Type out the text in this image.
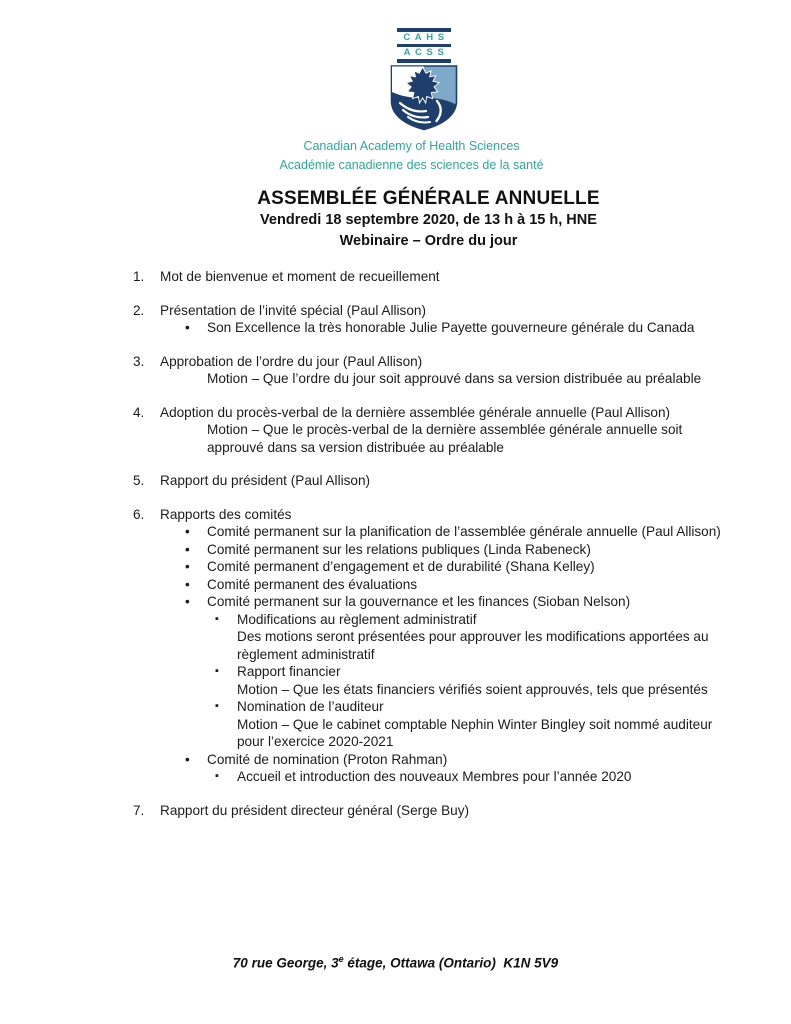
CAHS
ACSS
Canadian Academy of Health Sciences
Académie canadienne des sciences de la santé
ASSEMBLÉE GÉNÉRALE ANNUELLE
Vendredi 18 septembre 2020, de 13 h à 15 h, HNE
Webinaire – Ordre du jour
1.	Mot de bienvenue et moment de recueillement
2.	Présentation de l’invité spécial (Paul Allison)
• Son Excellence la très honorable Julie Payette gouverneure générale du Canada
3.	Approbation de l’ordre du jour (Paul Allison)
Motion – Que l’ordre du jour soit approuvé dans sa version distribuée au préalable
4.	Adoption du procès-verbal de la dernière assemblée générale annuelle (Paul Allison)
Motion – Que le procès-verbal de la dernière assemblée générale annuelle soit approuvé dans sa version distribuée au préalable
5.	Rapport du président (Paul Allison)
6.	Rapports des comités
• Comité permanent sur la planification de l’assemblée générale annuelle (Paul Allison)
• Comité permanent sur les relations publiques (Linda Rabeneck)
• Comité permanent d’engagement et de durabilité (Shana Kelley)
• Comité permanent des évaluations
• Comité permanent sur la gouvernance et les finances (Sioban Nelson)
▪ Modifications au règlement administratif
Des motions seront présentées pour approuver les modifications apportées au règlement administratif
▪ Rapport financier
Motion – Que les états financiers vérifiés soient approuvés, tels que présentés
▪ Nomination de l’auditeur
Motion – Que le cabinet comptable Nephin Winter Bingley soit nommé auditeur pour l’exercice 2020-2021
• Comité de nomination (Proton Rahman)
▪ Accueil et introduction des nouveaux Membres pour l’année 2020
7.	Rapport du président directeur général (Serge Buy)
70 rue George, 3e étage, Ottawa (Ontario)  K1N 5V9
